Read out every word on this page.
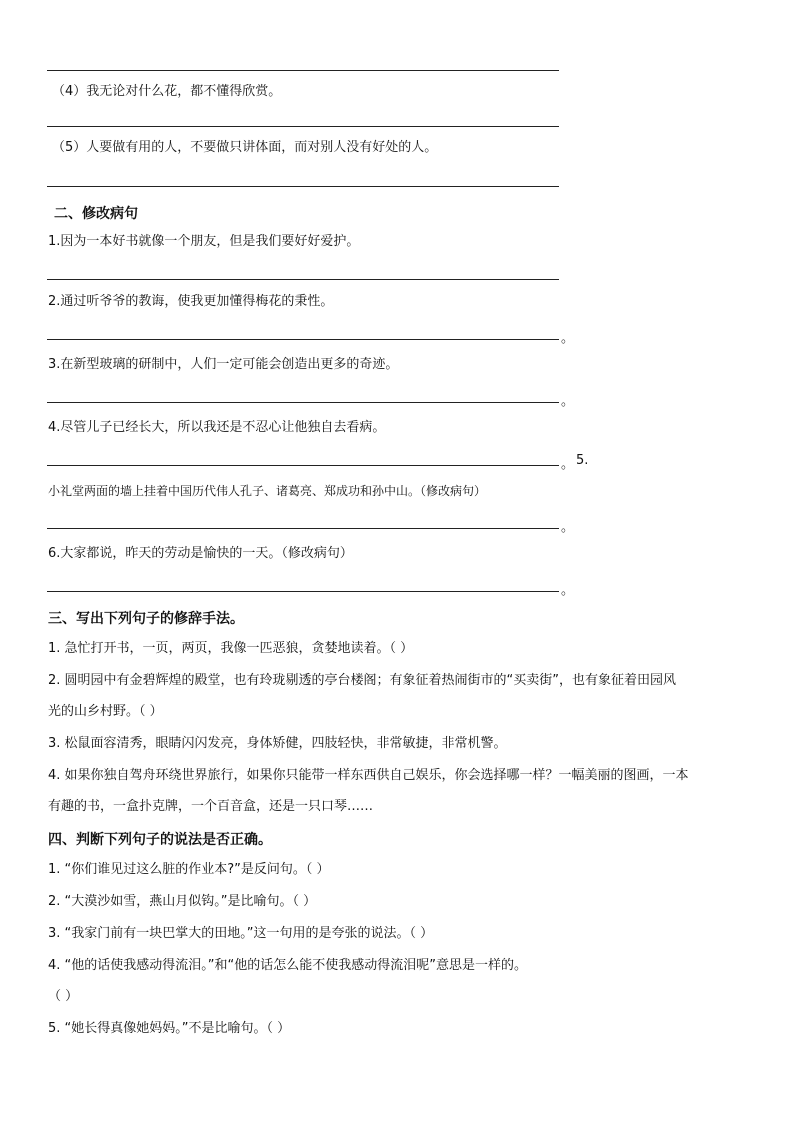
（4）我无论对什么花，都不懂得欣赏。
（5）人要做有用的人，不要做只讲体面，而对别人没有好处的人。
二、修改病句
1.因为一本好书就像一个朋友，但是我们要好好爱护。
2.通过听爷爷的教诲，使我更加懂得梅花的秉性。
。
3.在新型玻璃的研制中，人们一定可能会创造出更多的奇迹。
。
4.尽管儿子已经长大，所以我还是不忍心让他独自去看病。
。 5.
小礼堂两面的墙上挂着中国历代伟人孔子、诸葛亮、郑成功和孙中山。（修改病句）
。
6.大家都说，昨天的劳动是愉快的一天。（修改病句）
。
三、写出下列句子的修辞手法。
1. 急忙打开书，一页，两页，我像一匹恶狼，贪婪地读着。（ ）
2. 圆明园中有金碧辉煌的殿堂，也有玲珑剔透的亭台楼阁；有象征着热闹街市的“买卖街”，也有象征着田园风
光的山乡村野。（ ）
3. 松鼠面容清秀，眼睛闪闪发亮，身体矫健，四肢轻快，非常敏捷，非常机警。
4. 如果你独自驾舟环绕世界旅行，如果你只能带一样东西供自己娱乐，你会选择哪一样？一幅美丽的图画，一本
有趣的书，一盒扑克牌，一个百音盒，还是一只口琴……
四、判断下列句子的说法是否正确。
1. “你们谁见过这么脏的作业本?”是反问句。（ ）
2. “大漠沙如雪，燕山月似钩。”是比喻句。（ ）
3. “我家门前有一块巴掌大的田地。”这一句用的是夸张的说法。（ ）
4. “他的话使我感动得流泪。”和“他的话怎么能不使我感动得流泪呢”意思是一样的。
（ ）
5. “她长得真像她妈妈。”不是比喻句。（ ）
